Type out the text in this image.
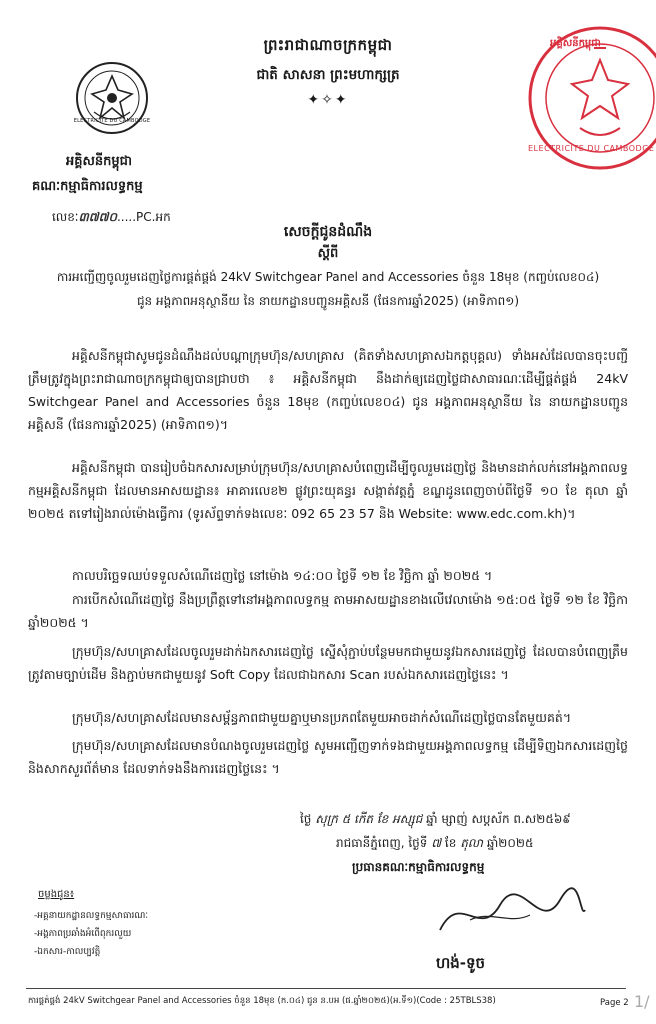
ព្រះរាជាណាចក្រកម្ពុជា
ជាតិ សាសនា ព្រះមហាក្សត្រ
✦✧✦
ELECTRICITE DU CAMBODGE
អគ្គិសនីកម្ពុជា
គណៈកម្មាធិការលទ្ធកម្ម
លេខៈ៣៧៧០.....PC.អក
អគ្គិសនីកម្ពុជា
ELECTRICITE DU CAMBODGE
សេចក្តីជូនដំណឹង
ស្តីពី
ការអញ្ជើញចូលរួមដេញថ្លៃការផ្គត់ផ្គង់ 24kV Switchgear Panel and Accessories ចំនួន 18មុខ (កញ្ចប់លេខ០៤)
ជូន អង្គភាពអនុស្ថានីយ នៃ នាយកដ្ឋានបញ្ជូនអគ្គិសនី (ផែនការឆ្នាំ2025) (អាទិភាព១)
អគ្គិសនីកម្ពុជាសូមជូនដំណឹងដល់បណ្តាក្រុមហ៊ុន/សហគ្រាស (គិតទាំងសហគ្រាសឯកត្តបុគ្គល) ទាំងអស់ដែលបានចុះបញ្ជីត្រឹមត្រូវក្នុងព្រះរាជាណាចក្រកម្ពុជាឲ្យបានជ្រាបថា ៖ អគ្គិសនីកម្ពុជា នឹងដាក់ឲ្យដេញថ្លៃជាសាធារណៈដើម្បីផ្គត់ផ្គង់ 24kV Switchgear Panel and Accessories ចំនួន 18មុខ (កញ្ចប់លេខ០៤) ជូន អង្គភាពអនុស្ថានីយ នៃ នាយកដ្ឋានបញ្ជូនអគ្គិសនី (ផែនការឆ្នាំ2025) (អាទិភាព១)។
អគ្គិសនីកម្ពុជា បានរៀបចំឯកសារសម្រាប់ក្រុមហ៊ុន/សហគ្រាសបំពេញដើម្បីចូលរួមដេញថ្លៃ និងមានដាក់លក់នៅអង្គភាពលទ្ធកម្មអគ្គិសនីកម្ពុជា ដែលមានអាសយដ្ឋាន៖ អាគារលេខ២ ផ្លូវព្រះយុគន្ធរ សង្កាត់វត្តភ្នំ ខណ្ឌដូនពេញចាប់ពីថ្ងៃទី ១០ ខែ តុលា ឆ្នាំ ២០២៥ តទៅរៀងរាល់ម៉ោងធ្វើការ (ទូរស័ព្ទទាក់ទងលេខៈ 092 65 23 57 និង Website: www.edc.com.kh)។
កាលបរិច្ឆេទឈប់ទទួលសំណើដេញថ្លៃ នៅម៉ោង ១៤:០០ ថ្ងៃទី ១២ ខែ វិច្ឆិកា ឆ្នាំ ២០២៥ ។
ការបើកសំណើដេញថ្លៃ នឹងប្រព្រឹត្តទៅនៅអង្គភាពលទ្ធកម្ម តាមអាសយដ្ឋានខាងលើវេលាម៉ោង ១៥:០៥ ថ្ងៃទី ១២ ខែ វិច្ឆិកា ឆ្នាំ២០២៥ ។
ក្រុមហ៊ុន/សហគ្រាសដែលចូលរួមដាក់ឯកសារដេញថ្លៃ ស្នើសុំភ្ជាប់បន្ថែមមកជាមួយនូវឯកសារដេញថ្លៃ ដែលបានបំពេញត្រឹមត្រូវតាមច្បាប់ដើម និងភ្ជាប់មកជាមួយនូវ Soft Copy ដែលជាឯកសារ Scan របស់ឯកសារដេញថ្លៃនេះ ។
ក្រុមហ៊ុន/សហគ្រាសដែលមានសម្ព័ន្ធភាពជាមួយគ្នាឬមានប្រភពតែមួយអាចដាក់សំណើដេញថ្លៃបានតែមួយគត់។
ក្រុមហ៊ុន/សហគ្រាសដែលមានបំណងចូលរួមដេញថ្លៃ សូមអញ្ជើញទាក់ទងជាមួយអង្គភាពលទ្ធកម្ម ដើម្បីទិញឯកសារដេញថ្លៃ និងសាកសួរព័ត៌មាន ដែលទាក់ទងនឹងការដេញថ្លៃនេះ ។
ថ្ងៃ សុក្រ ៥ កើត ខែ អស្សុជ ឆ្នាំ ម្សាញ់ សប្តស័ក ព.ស២៥៦៩
រាជធានីភ្នំពេញ, ថ្ងៃទី ៧ ខែ តុលា ឆ្នាំ២០២៥
ប្រធានគណៈកម្មាធិការលទ្ធកម្ម
ហង់-ទូច
ចម្លងជូន៖
-អគ្គនាយកដ្ឋានលទ្ធកម្មសាធារណៈ
-អង្គភាពប្រឆាំងអំពើពុករលួយ
-ឯកសារ-កាលប្បវត្តិ
ការផ្គត់ផ្គង់ 24kV Switchgear Panel and Accessories ចំនួន 18មុខ (ក.០៤) ជូន ន.បអ (ផ.ឆ្នាំ២០២៥)(អ.ទី១)(Code : 25TBLS38)	Page 2 1/
